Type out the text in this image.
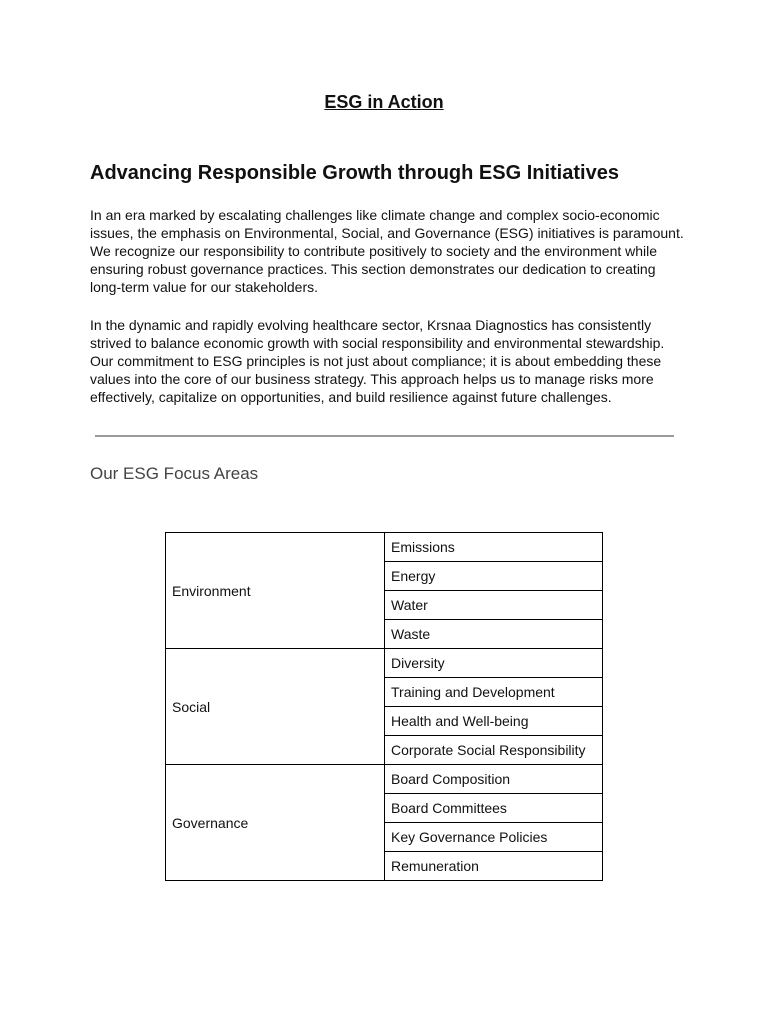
ESG in Action
Advancing Responsible Growth through ESG Initiatives

In an era marked by escalating challenges like climate change and complex socio-economic issues, the emphasis on Environmental, Social, and Governance (ESG) initiatives is paramount. We recognize our responsibility to contribute positively to society and the environment while ensuring robust governance practices. This section demonstrates our dedication to creating long-term value for our stakeholders.

In the dynamic and rapidly evolving healthcare sector, Krsnaa Diagnostics has consistently strived to balance economic growth with social responsibility and environmental stewardship. Our commitment to ESG principles is not just about compliance; it is about embedding these values into the core of our business strategy. This approach helps us to manage risks more effectively, capitalize on opportunities, and build resilience against future challenges.

Our ESG Focus Areas
Environment	Emissions
	Energy
	Water
	Waste
Social	Diversity
	Training and Development
	Health and Well-being
	Corporate Social Responsibility
Governance	Board Composition
	Board Committees
	Key Governance Policies
	Remuneration
